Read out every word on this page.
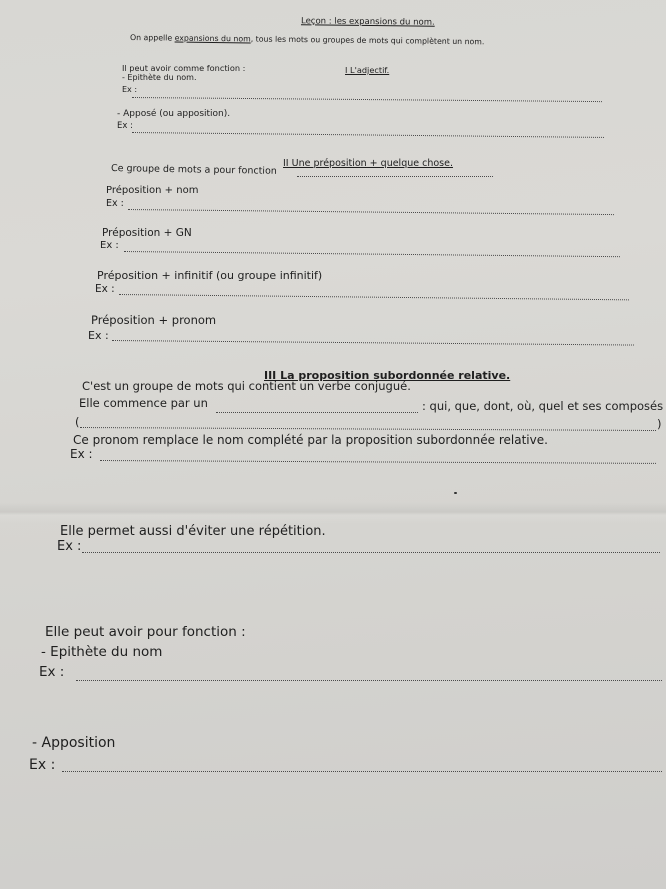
Leçon : les expansions du nom.
On appelle expansions du nom, tous les mots ou groupes de mots qui complètent un nom.
I L'adjectif.
Il peut avoir comme fonction :
- Epithète du nom.
Ex :
- Apposé (ou apposition).
Ex :
II Une préposition + quelque chose.
Ce groupe de mots a pour fonction
Préposition + nom
Ex :
Préposition + GN
Ex :
Préposition + infinitif (ou groupe infinitif)
Ex :
Préposition + pronom
Ex :
III La proposition subordonnée relative.
C'est un groupe de mots qui contient un verbe conjugué.
Elle commence par un	: qui, que, dont, où, quel et ses composés
(	)
Ce pronom remplace le nom complété par la proposition subordonnée relative.
Ex :
Elle permet aussi d'éviter une répétition.
Ex :
Elle peut avoir pour fonction :
- Epithète du nom
Ex :
- Apposition
Ex :
